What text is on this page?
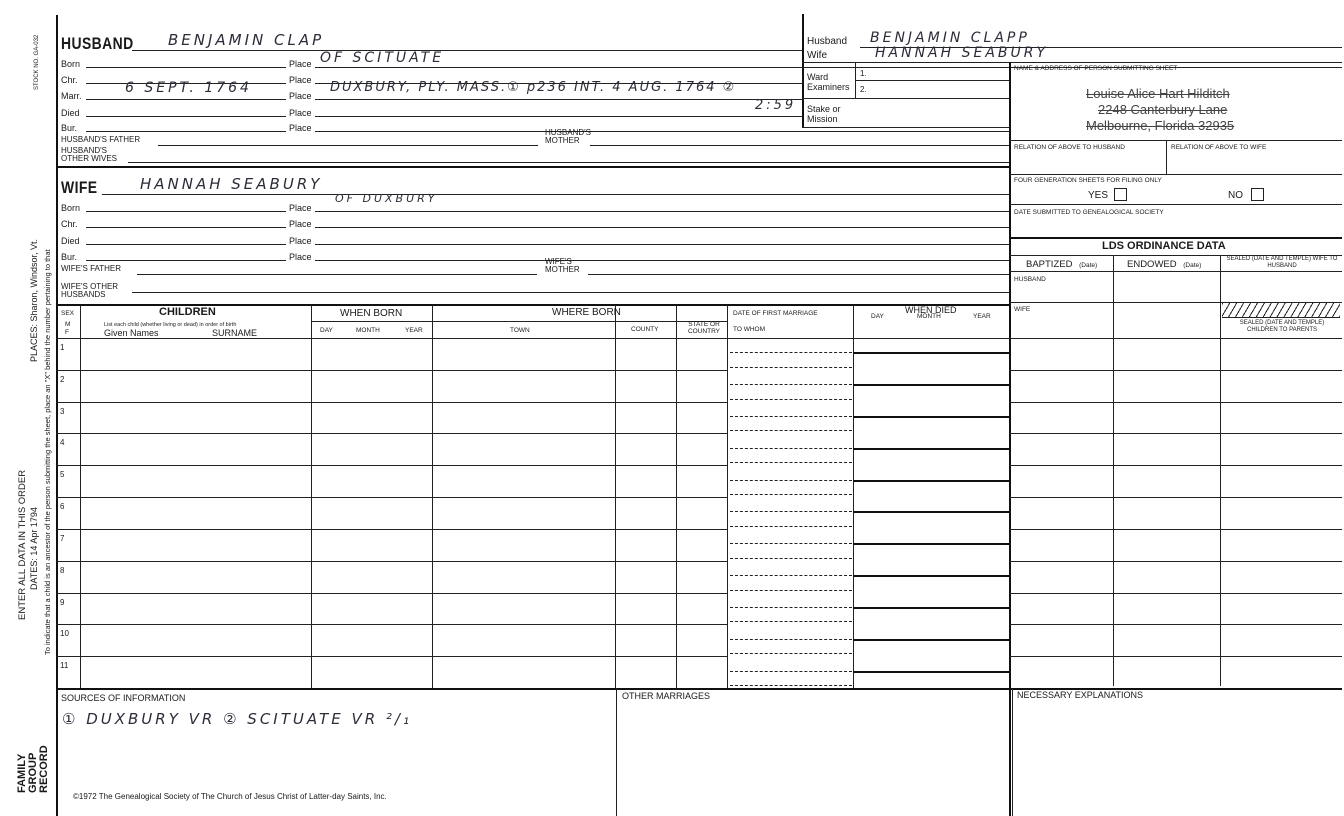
STOCK NO. GA-032
PLACES: Sharon, Windsor, Vt.
ENTER ALL DATA IN THIS ORDER DATES: 14 Apr 1794 To indicate that a child is an ancestor of the person submitting the sheet, place an "X" behind the number pertaining to that
FAMILY GROUP RECORD
HUSBAND BENJAMIN CLAP
Born	Place OF SCITUATE
Chr.	Place
Marr.	6 SEPT. 1764	Place
DUXBURY, PLY. MASS.① p236 INT. 4 AUG. 1764 ②
2:59
Died	Place
Bur.	Place
HUSBAND'S FATHER
HUSBAND'S MOTHER
HUSBAND'S OTHER WIVES
WIFE	HANNAH SEABURY
Born	Place
OF DUXBURY
Chr.	Place
Died	Place
Bur.	Place
WIFE'S FATHER
WIFE'S MOTHER
WIFE'S OTHER HUSBANDS
Husband BENJAMIN CLAPP
Wife	HANNAH SEABURY
Ward
Examiners
1.
2.
Stake or Mission
NAME & ADDRESS OF PERSON SUBMITTING SHEET
Louise Alice Hart Hilditch
2248 Canterbury Lane
Melbourne, Florida 32935
RELATION OF ABOVE TO HUSBAND	RELATION OF ABOVE TO WIFE
FOUR GENERATION SHEETS FOR FILING ONLY
YES	NO
DATE SUBMITTED TO GENEALOGICAL SOCIETY
LDS ORDINANCE DATA
BAPTIZED (Date)	ENDOWED (Date)
SEALED (DATE AND TEMPLE) WIFE TO HUSBAND
HUSBAND
WIFE
SEALED (DATE AND TEMPLE) CHILDREN TO PARENTS
1
2
3
4
5
6
7
8
9
10
11
SEX
M
F
CHILDREN
List each child (whether living or dead) in order of birth
Given Names	SURNAME
WHEN BORN
DAY	MONTH	YEAR
WHERE BORN
TOWN	COUNTY
STATE OR COUNTRY
DATE OF FIRST MARRIAGE
TO WHOM
WHEN DIED
DAY	MONTH	YEAR
SOURCES OF INFORMATION
① DUXBURY VR ② SCITUATE VR ²/₁
OTHER MARRIAGES	NECESSARY EXPLANATIONS
©1972 The Genealogical Society of The Church of Jesus Christ of Latter-day Saints, Inc.
